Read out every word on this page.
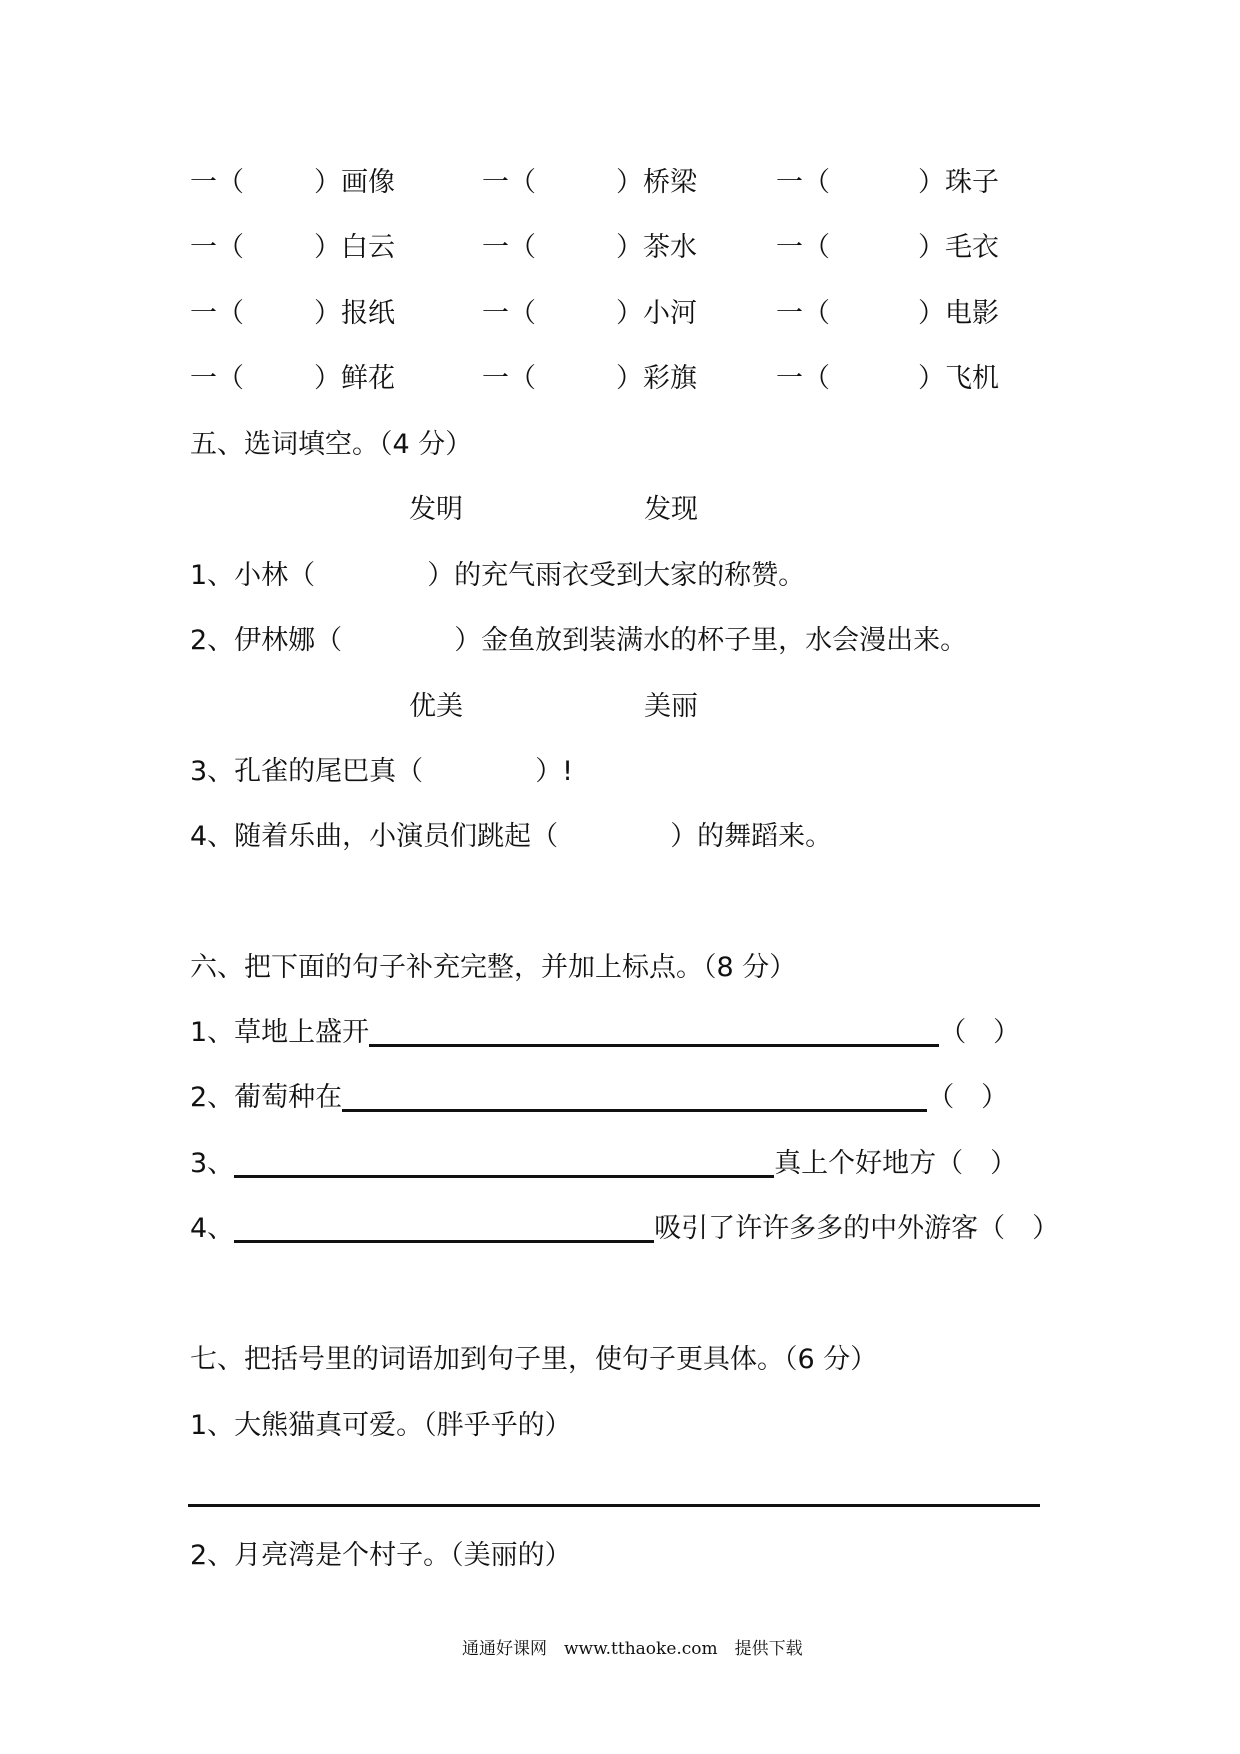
一（	）画像	一（	）桥梁	一（	）珠子
一（	）白云	一（	）茶水	一（	）毛衣
一（	）报纸	一（	）小河	一（	）电影
一（	）鲜花	一（	）彩旗	一（	）飞机
五、选词填空。（4 分）
发明	发现
1、小林（	）的充气雨衣受到大家的称赞。
2、伊林娜（	）金鱼放到装满水的杯子里，水会漫出来。
优美	美丽
3、孔雀的尾巴真（	）!
4、随着乐曲，小演员们跳起（	）的舞蹈来。
六、把下面的句子补充完整，并加上标点。（8 分）
1、草地上盛开	（　）
2、葡萄种在	（　）
3、	真上个好地方（　）
4、	吸引了许许多多的中外游客（　）
七、把括号里的词语加到句子里，使句子更具体。（6 分）
1、大熊猫真可爱。（胖乎乎的）
2、月亮湾是个村子。（美丽的）
通通好课网　www.tthaoke.com　提供下载
